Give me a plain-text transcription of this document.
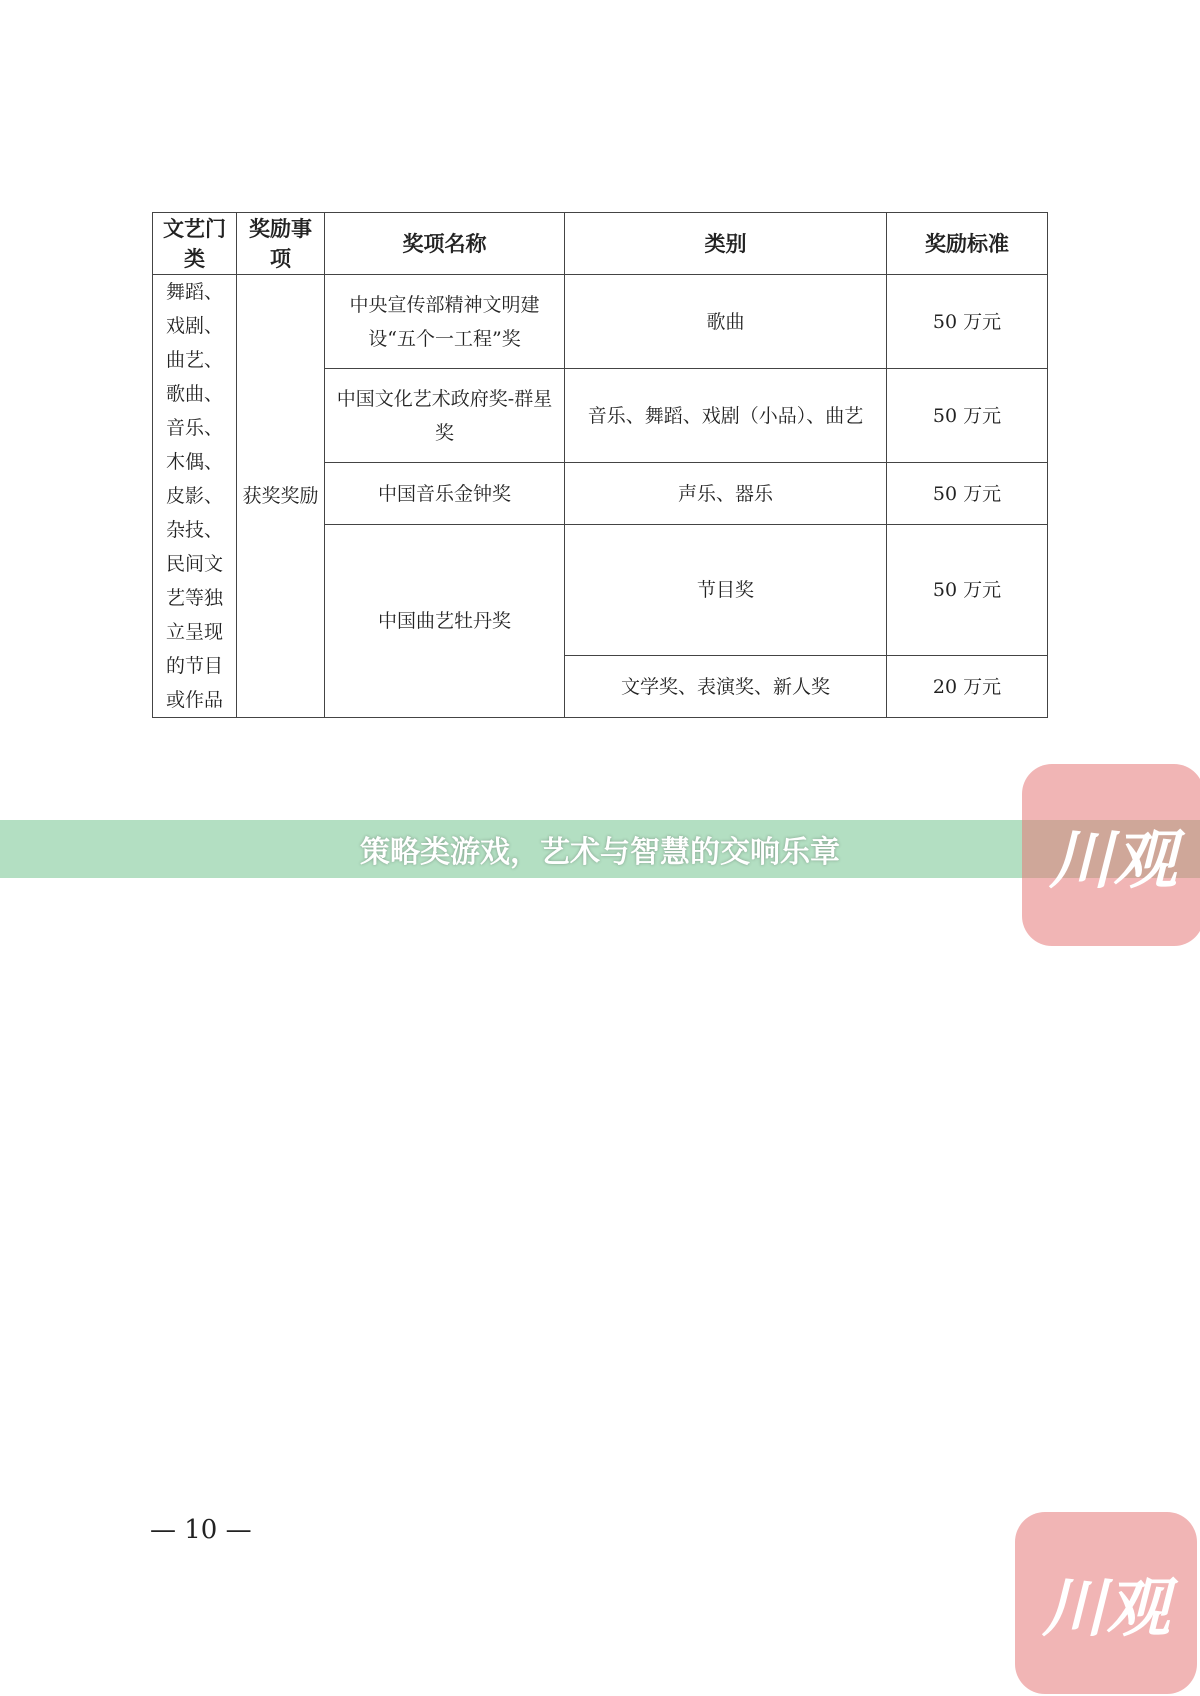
文艺门类	奖励事项	奖项名称	类别	奖励标准
舞蹈、戏剧、曲艺、歌曲、音乐、木偶、皮影、杂技、民间文艺等独立呈现的节目或作品	获奖奖励	中央宣传部精神文明建设“五个一工程”奖	歌曲	50 万元
		中国文化艺术政府奖-群星奖	音乐、舞蹈、戏剧（小品）、曲艺	50 万元
		中国音乐金钟奖	声乐、器乐	50 万元
		中国曲艺牡丹奖	节目奖	50 万元
			文学奖、表演奖、新人奖	20 万元
— 10 —
策略类游戏，艺术与智慧的交响乐章	川观
川观
